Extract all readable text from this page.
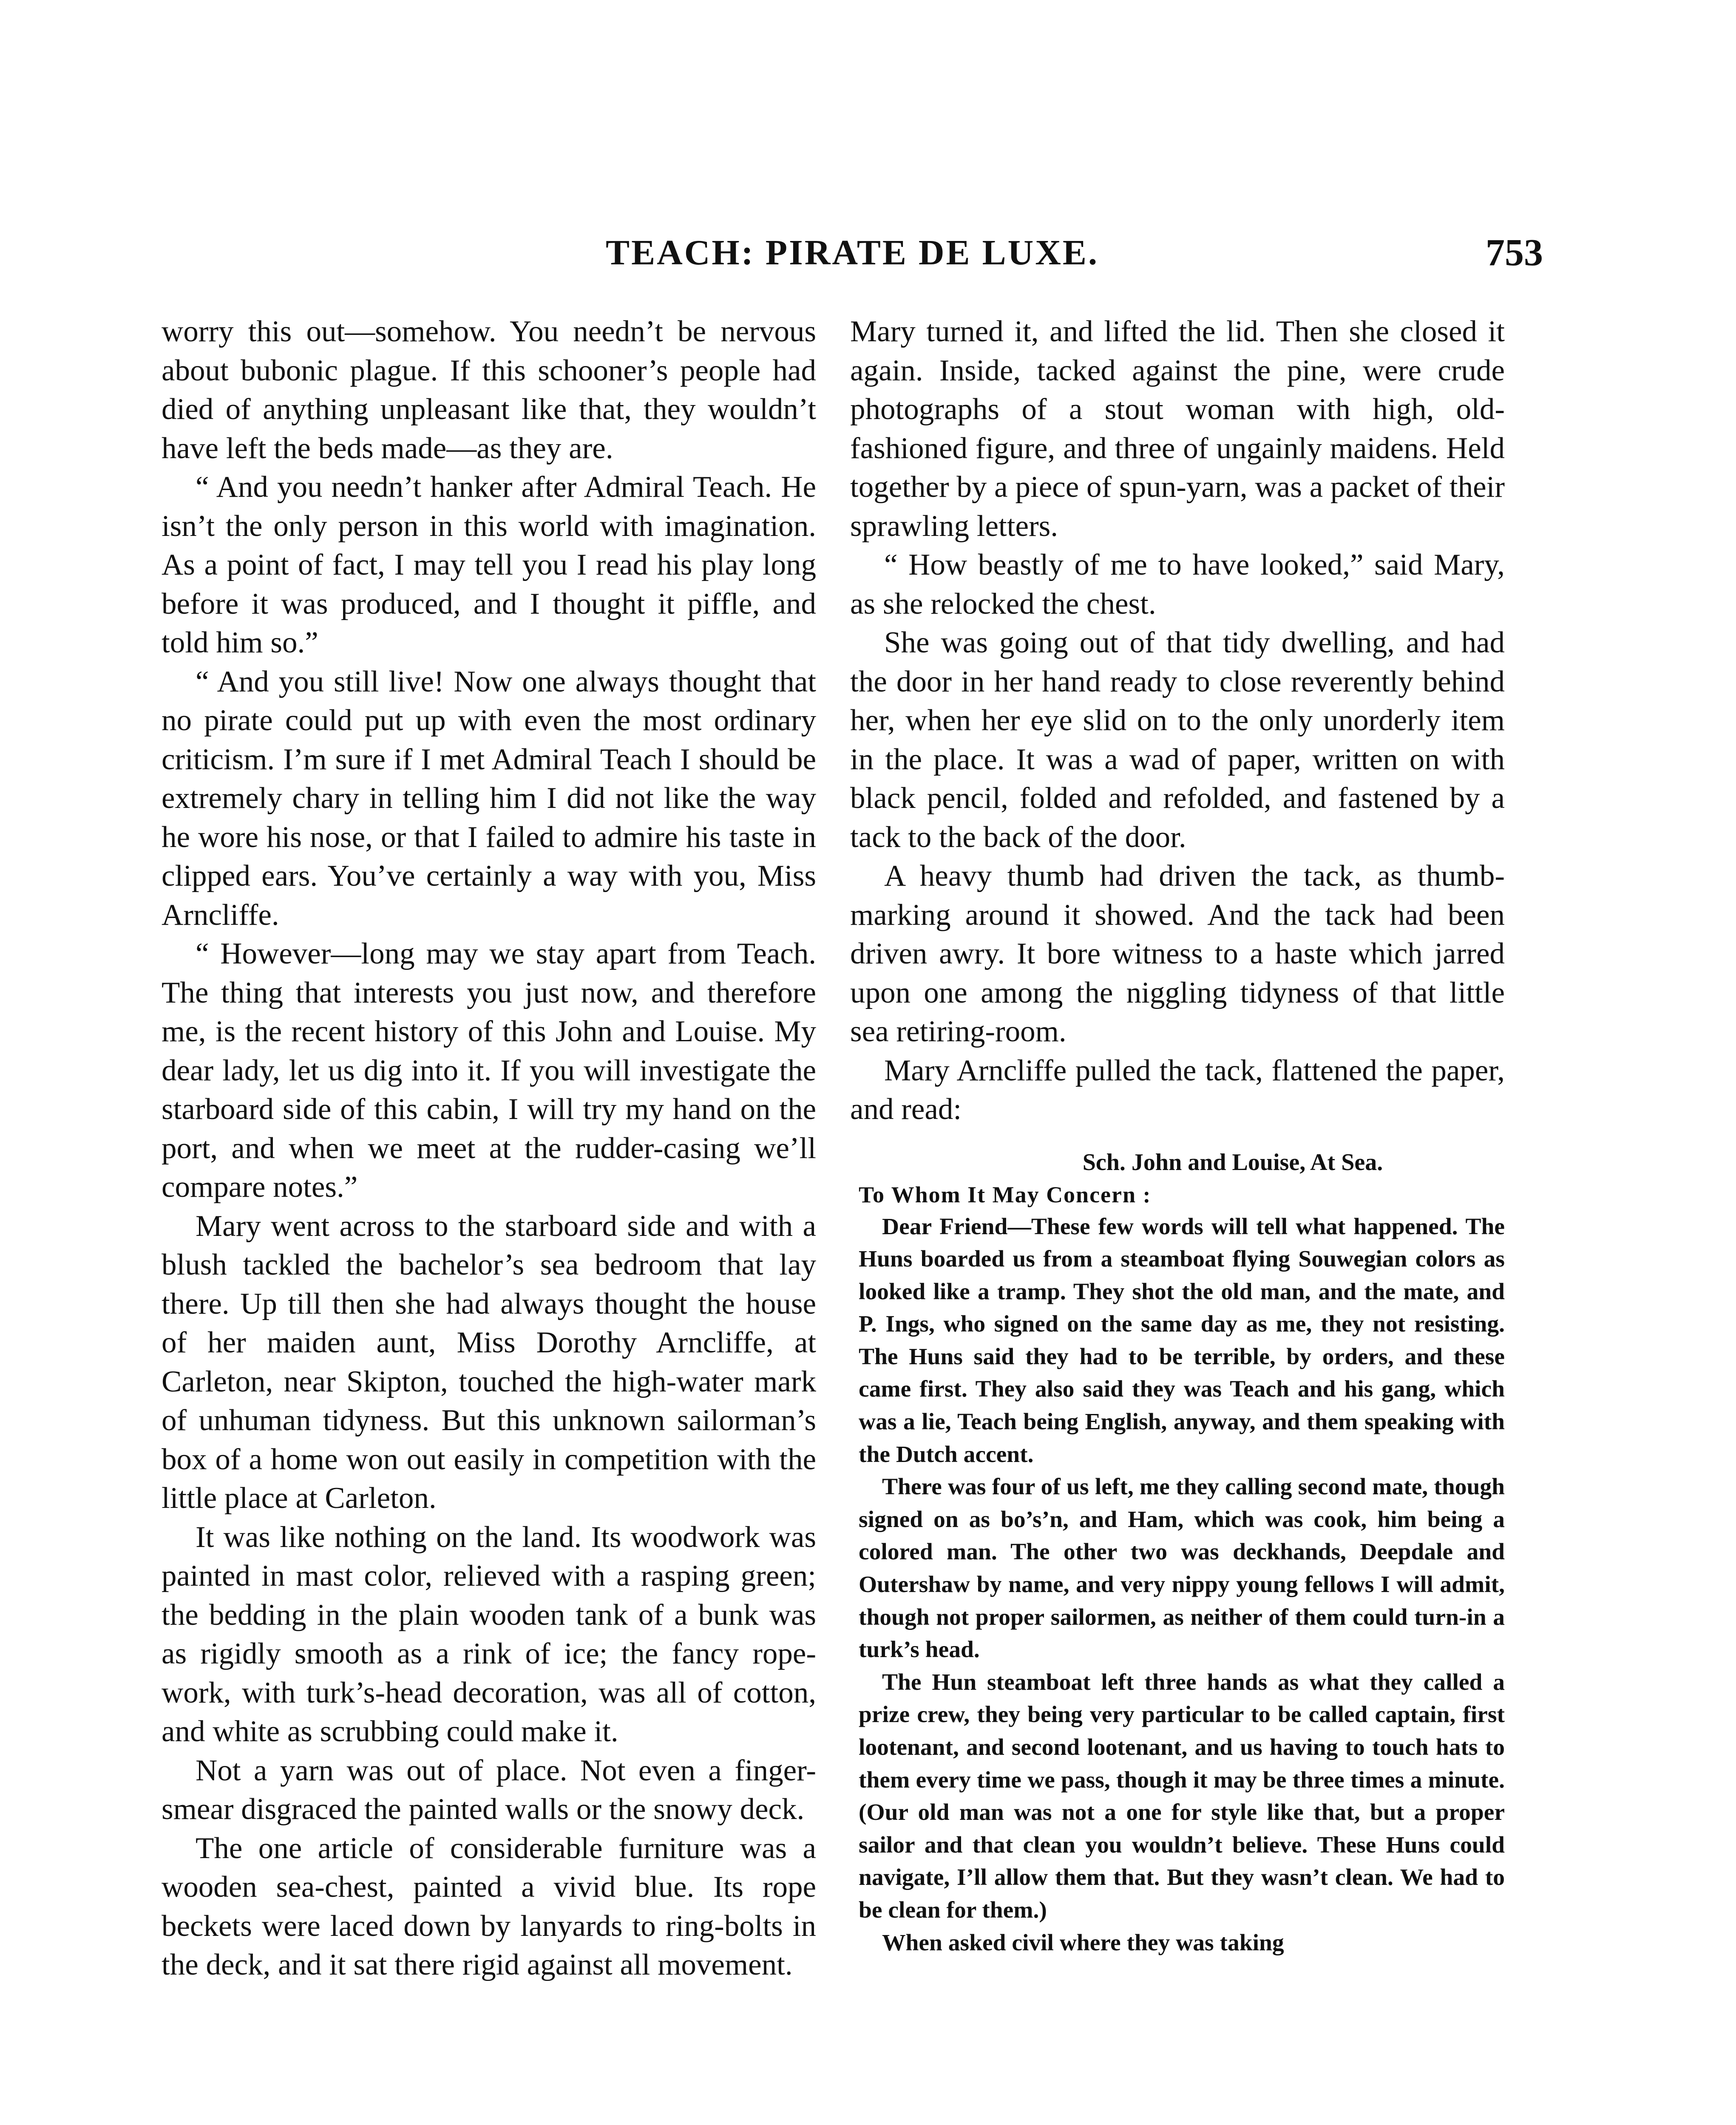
TEACH: PIRATE DE LUXE.	753

worry this out—somehow. You needn’t be nervous about bubonic plague. If this schooner’s people had died of anything unpleasant like that, they wouldn’t have left the beds made—as they are.

“ And you needn’t hanker after Admiral Teach. He isn’t the only person in this world with imagination. As a point of fact, I may tell you I read his play long before it was produced, and I thought it piffle, and told him so.”

“ And you still live! Now one always thought that no pirate could put up with even the most ordinary criticism. I’m sure if I met Admiral Teach I should be extremely chary in telling him I did not like the way he wore his nose, or that I failed to admire his taste in clipped ears. You’ve certainly a way with you, Miss Arncliffe.

“ However—long may we stay apart from Teach. The thing that interests you just now, and therefore me, is the recent history of this John and Louise. My dear lady, let us dig into it. If you will investigate the starboard side of this cabin, I will try my hand on the port, and when we meet at the rudder-casing we’ll compare notes.”

Mary went across to the starboard side and with a blush tackled the bachelor’s sea bedroom that lay there. Up till then she had always thought the house of her maiden aunt, Miss Dorothy Arncliffe, at Carleton, near Skipton, touched the high-water mark of unhuman tidyness. But this unknown sailorman’s box of a home won out easily in competition with the little place at Carleton.

It was like nothing on the land. Its woodwork was painted in mast color, relieved with a rasping green; the bedding in the plain wooden tank of a bunk was as rigidly smooth as a rink of ice; the fancy rope-work, with turk’s-head decoration, was all of cotton, and white as scrubbing could make it.

Not a yarn was out of place. Not even a finger-smear disgraced the painted walls or the snowy deck.

The one article of considerable furniture was a wooden sea-chest, painted a vivid blue. Its rope beckets were laced down by lanyards to ring-bolts in the deck, and it sat there rigid against all movement.

Mary turned it, and lifted the lid. Then she closed it again. Inside, tacked against the pine, were crude photographs of a stout woman with high, old-fashioned figure, and three of ungainly maidens. Held together by a piece of spun-yarn, was a packet of their sprawling letters.

“ How beastly of me to have looked,” said Mary, as she relocked the chest.

She was going out of that tidy dwelling, and had the door in her hand ready to close reverently behind her, when her eye slid on to the only unorderly item in the place. It was a wad of paper, written on with black pencil, folded and refolded, and fastened by a tack to the back of the door.

A heavy thumb had driven the tack, as thumb-marking around it showed. And the tack had been driven awry. It bore witness to a haste which jarred upon one among the niggling tidyness of that little sea retiring-room.

Mary Arncliffe pulled the tack, flattened the paper, and read:

Sch. John and Louise, At Sea.
To Whom It May Concern :

Dear Friend—These few words will tell what happened. The Huns boarded us from a steamboat flying Souwegian colors as looked like a tramp. They shot the old man, and the mate, and P. Ings, who signed on the same day as me, they not resisting. The Huns said they had to be terrible, by orders, and these came first. They also said they was Teach and his gang, which was a lie, Teach being English, anyway, and them speaking with the Dutch accent.

There was four of us left, me they calling second mate, though signed on as bo’s’n, and Ham, which was cook, him being a colored man. The other two was deckhands, Deepdale and Outershaw by name, and very nippy young fellows I will admit, though not proper sailormen, as neither of them could turn-in a turk’s head.

The Hun steamboat left three hands as what they called a prize crew, they being very particular to be called captain, first lootenant, and second lootenant, and us having to touch hats to them every time we pass, though it may be three times a minute. (Our old man was not a one for style like that, but a proper sailor and that clean you wouldn’t believe. These Huns could navigate, I’ll allow them that. But they wasn’t clean. We had to be clean for them.)

When asked civil where they was taking
